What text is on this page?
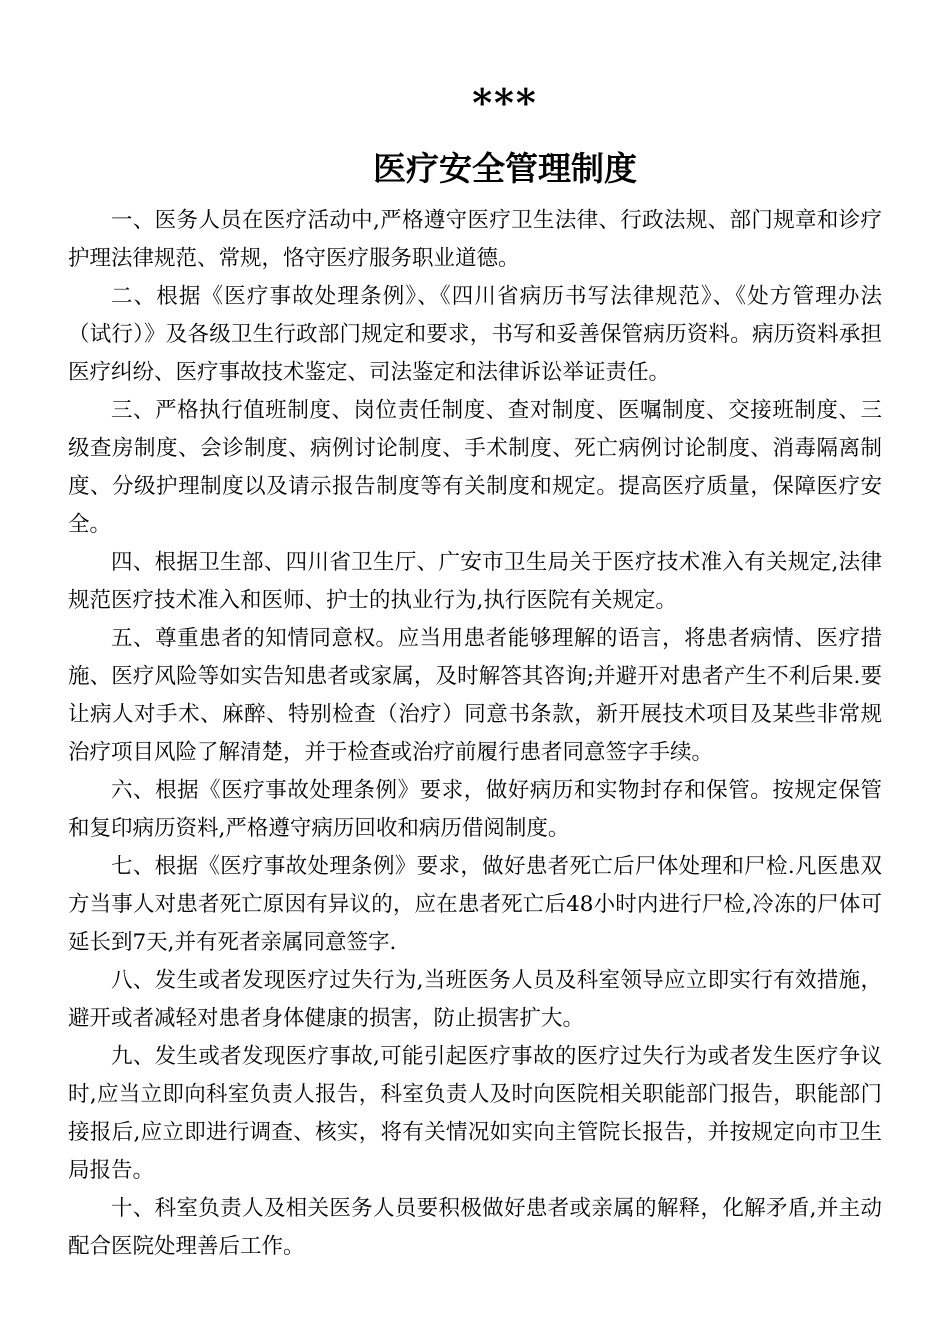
***
医疗安全管理制度

一、医务人员在医疗活动中,严格遵守医疗卫生法律、行政法规、部门规章和诊疗护理法律规范、常规，恪守医疗服务职业道德。

二、根据《医疗事故处理条例》、《四川省病历书写法律规范》、《处方管理办法（试行）》及各级卫生行政部门规定和要求，书写和妥善保管病历资料。病历资料承担医疗纠纷、医疗事故技术鉴定、司法鉴定和法律诉讼举证责任。

三、严格执行值班制度、岗位责任制度、查对制度、医嘱制度、交接班制度、三级查房制度、会诊制度、病例讨论制度、手术制度、死亡病例讨论制度、消毒隔离制度、分级护理制度以及请示报告制度等有关制度和规定。提高医疗质量，保障医疗安全。

四、根据卫生部、四川省卫生厅、广安市卫生局关于医疗技术准入有关规定,法律规范医疗技术准入和医师、护士的执业行为,执行医院有关规定。

五、尊重患者的知情同意权。应当用患者能够理解的语言，将患者病情、医疗措施、医疗风险等如实告知患者或家属，及时解答其咨询;并避开对患者产生不利后果.要让病人对手术、麻醉、特别检查（治疗）同意书条款，新开展技术项目及某些非常规治疗项目风险了解清楚，并于检查或治疗前履行患者同意签字手续。

六、根据《医疗事故处理条例》要求，做好病历和实物封存和保管。按规定保管和复印病历资料,严格遵守病历回收和病历借阅制度。

七、根据《医疗事故处理条例》要求，做好患者死亡后尸体处理和尸检.凡医患双方当事人对患者死亡原因有异议的，应在患者死亡后48小时内进行尸检,冷冻的尸体可延长到7天,并有死者亲属同意签字.

八、发生或者发现医疗过失行为,当班医务人员及科室领导应立即实行有效措施，避开或者减轻对患者身体健康的损害，防止损害扩大。

九、发生或者发现医疗事故,可能引起医疗事故的医疗过失行为或者发生医疗争议时,应当立即向科室负责人报告，科室负责人及时向医院相关职能部门报告，职能部门接报后,应立即进行调查、核实，将有关情况如实向主管院长报告，并按规定向市卫生局报告。

十、科室负责人及相关医务人员要积极做好患者或亲属的解释，化解矛盾,并主动配合医院处理善后工作。
